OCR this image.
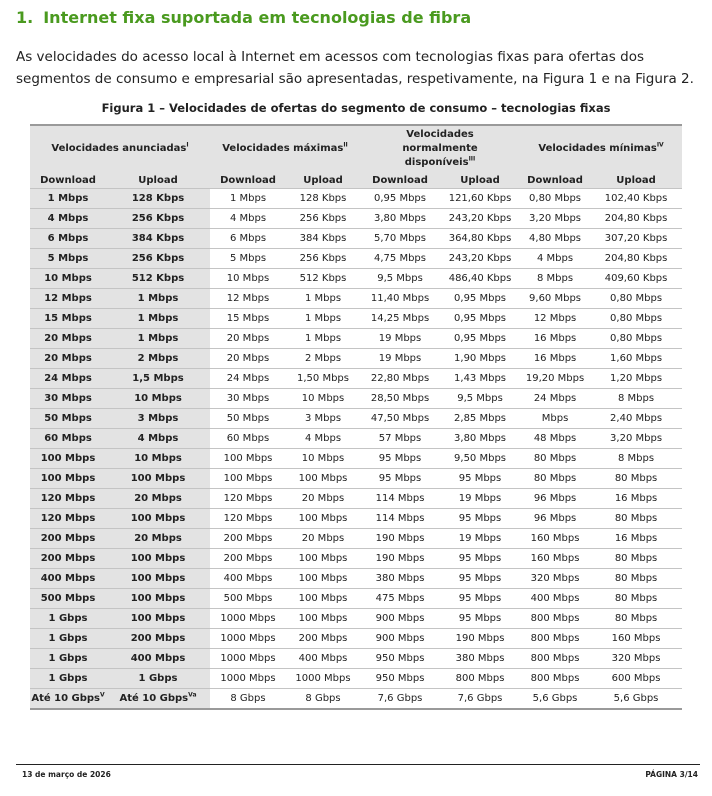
1. Internet fixa suportada em tecnologias de fibra
As velocidades do acesso local à Internet em acessos com tecnologias fixas para ofertas dos segmentos de consumo e empresarial são apresentadas, respetivamente, na Figura 1 e na Figura 2.
Figura 1 – Velocidades de ofertas do segmento de consumo – tecnologias fixas
Velocidades anunciadas$^I$		Velocidades máximas$^{II}$		Velocidades normalmente disponíveis$^{III}$		Velocidades mínimas$^{IV}$
Download	Upload	Download	Upload	Download	Upload	Download	Upload
1 Mbps	128 Kbps	1 Mbps	128 Kbps	0,95 Mbps	121,60 Kbps	0,80 Mbps	102,40 Kbps
4 Mbps	256 Kbps	4 Mbps	256 Kbps	3,80 Mbps	243,20 Kbps	3,20 Mbps	204,80 Kbps
6 Mbps	384 Kbps	6 Mbps	384 Kbps	5,70 Mbps	364,80 Kbps	4,80 Mbps	307,20 Kbps
5 Mbps	256 Kbps	5 Mbps	256 Kbps	4,75 Mbps	243,20 Kbps	4 Mbps	204,80 Kbps
10 Mbps	512 Kbps	10 Mbps	512 Kbps	9,5 Mbps	486,40 Kbps	8 Mbps	409,60 Kbps
12 Mbps	1 Mbps	12 Mbps	1 Mbps	11,40 Mbps	0,95 Mbps	9,60 Mbps	0,80 Mbps
15 Mbps	1 Mbps	15 Mbps	1 Mbps	14,25 Mbps	0,95 Mbps	12 Mbps	0,80 Mbps
20 Mbps	1 Mbps	20 Mbps	1 Mbps	19 Mbps	0,95 Mbps	16 Mbps	0,80 Mbps
20 Mbps	2 Mbps	20 Mbps	2 Mbps	19 Mbps	1,90 Mbps	16 Mbps	1,60 Mbps
24 Mbps	1,5 Mbps	24 Mbps	1,50 Mbps	22,80 Mbps	1,43 Mbps	19,20 Mbps	1,20 Mbps
30 Mbps	10 Mbps	30 Mbps	10 Mbps	28,50 Mbps	9,5 Mbps	24 Mbps	8 Mbps
50 Mbps	3 Mbps	50 Mbps	3 Mbps	47,50 Mbps	2,85 Mbps	Mbps	2,40 Mbps
60 Mbps	4 Mbps	60 Mbps	4 Mbps	57 Mbps	3,80 Mbps	48 Mbps	3,20 Mbps
100 Mbps	10 Mbps	100 Mbps	10 Mbps	95 Mbps	9,50 Mbps	80 Mbps	8 Mbps
100 Mbps	100 Mbps	100 Mbps	100 Mbps	95 Mbps	95 Mbps	80 Mbps	80 Mbps
120 Mbps	20 Mbps	120 Mbps	20 Mbps	114 Mbps	19 Mbps	96 Mbps	16 Mbps
120 Mbps	100 Mbps	120 Mbps	100 Mbps	114 Mbps	95 Mbps	96 Mbps	80 Mbps
200 Mbps	20 Mbps	200 Mbps	20 Mbps	190 Mbps	19 Mbps	160 Mbps	16 Mbps
200 Mbps	100 Mbps	200 Mbps	100 Mbps	190 Mbps	95 Mbps	160 Mbps	80 Mbps
400 Mbps	100 Mbps	400 Mbps	100 Mbps	380 Mbps	95 Mbps	320 Mbps	80 Mbps
500 Mbps	100 Mbps	500 Mbps	100 Mbps	475 Mbps	95 Mbps	400 Mbps	80 Mbps
1 Gbps	100 Mbps	1000 Mbps	100 Mbps	900 Mbps	95 Mbps	800 Mbps	80 Mbps
1 Gbps	200 Mbps	1000 Mbps	200 Mbps	900 Mbps	190 Mbps	800 Mbps	160 Mbps
1 Gbps	400 Mbps	1000 Mbps	400 Mbps	950 Mbps	380 Mbps	800 Mbps	320 Mbps
1 Gbps	1 Gbps	1000 Mbps	1000 Mbps	950 Mbps	800 Mbps	800 Mbps	600 Mbps
Até 10 Gbps$^V$	Até 10 Gbps$^{Va}$	8 Gbps	8 Gbps	7,6 Gbps	7,6 Gbps	5,6 Gbps	5,6 Gbps
13 de março de 2026	PÁGINA 3/14
